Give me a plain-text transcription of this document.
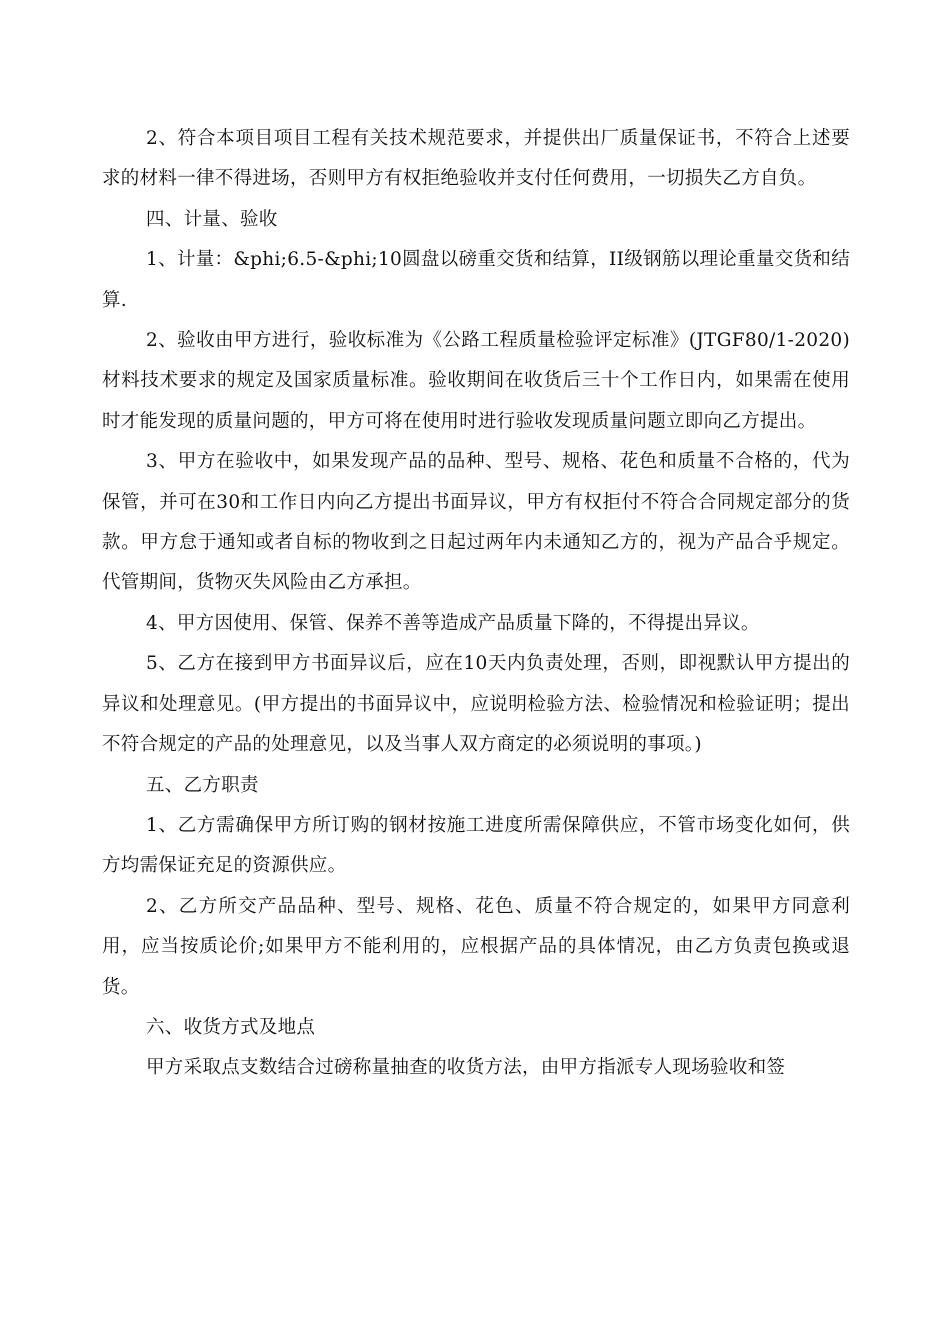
2、符合本项目项目工程有关技术规范要求，并提供出厂质量保证书，不符合上述要求的材料一律不得进场，否则甲方有权拒绝验收并支付任何费用，一切损失乙方自负。

四、计量、验收

1、计量：&phi;6.5-&phi;10圆盘以磅重交货和结算，II级钢筋以理论重量交货和结算.

2、验收由甲方进行，验收标准为《公路工程质量检验评定标准》(JTGF80/1-2020)材料技术要求的规定及国家质量标准。验收期间在收货后三十个工作日内，如果需在使用时才能发现的质量问题的，甲方可将在使用时进行验收发现质量问题立即向乙方提出。

3、甲方在验收中，如果发现产品的品种、型号、规格、花色和质量不合格的，代为保管，并可在30和工作日内向乙方提出书面异议，甲方有权拒付不符合合同规定部分的货款。甲方怠于通知或者自标的物收到之日起过两年内未通知乙方的，视为产品合乎规定。代管期间，货物灭失风险由乙方承担。

4、甲方因使用、保管、保养不善等造成产品质量下降的，不得提出异议。

5、乙方在接到甲方书面异议后，应在10天内负责处理，否则，即视默认甲方提出的异议和处理意见。(甲方提出的书面异议中，应说明检验方法、检验情况和检验证明；提出不符合规定的产品的处理意见，以及当事人双方商定的必须说明的事项。)

五、乙方职责

1、乙方需确保甲方所订购的钢材按施工进度所需保障供应，不管市场变化如何，供方均需保证充足的资源供应。

2、乙方所交产品品种、型号、规格、花色、质量不符合规定的，如果甲方同意利用，应当按质论价;如果甲方不能利用的，应根据产品的具体情况，由乙方负责包换或退货。

六、收货方式及地点

甲方采取点支数结合过磅称量抽查的收货方法，由甲方指派专人现场验收和签
